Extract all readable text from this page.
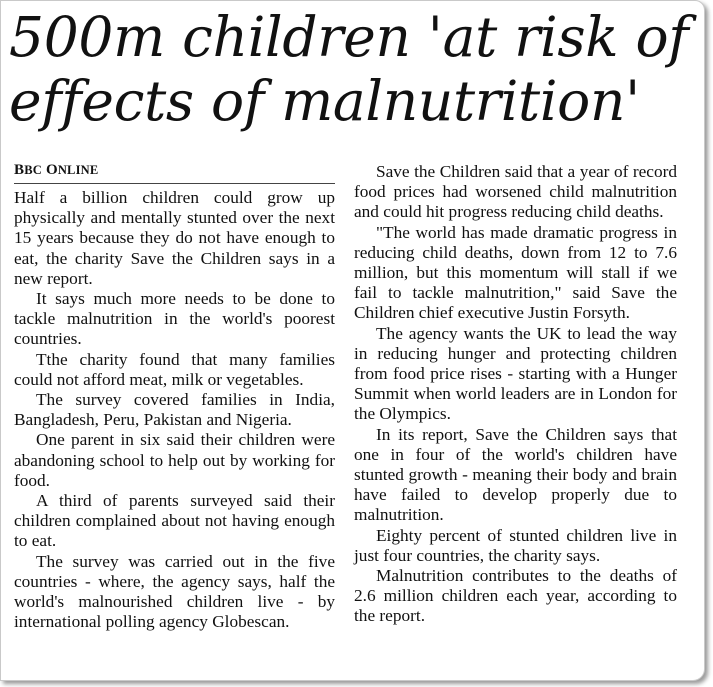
500m children 'at risk of
effects of malnutrition'
BBC ONLINE

Half a billion children could grow up physically and mentally stunted over the next 15 years because they do not have enough to eat, the charity Save the Children says in a new report.

It says much more needs to be done to tackle malnutrition in the world's poorest countries.

Tthe charity found that many families could not afford meat, milk or vegetables.

The survey covered families in India, Bangladesh, Peru, Pakistan and Nigeria.

One parent in six said their children were abandoning school to help out by working for food.

A third of parents surveyed said their children complained about not having enough to eat.

The survey was carried out in the five countries - where, the agency says, half the world's malnourished children live - by international polling agency Globescan.

Save the Children said that a year of record food prices had worsened child malnutrition and could hit progress reducing child deaths.

"The world has made dramatic progress in reducing child deaths, down from 12 to 7.6 million, but this momentum will stall if we fail to tackle malnutrition," said Save the Children chief executive Justin Forsyth.

The agency wants the UK to lead the way in reducing hunger and protecting children from food price rises - starting with a Hunger Summit when world leaders are in London for the Olympics.

In its report, Save the Children says that one in four of the world's children have stunted growth - meaning their body and brain have failed to develop properly due to malnutrition.

Eighty percent of stunted children live in just four countries, the charity says.

Malnutrition contributes to the deaths of 2.6 million children each year, according to the report.
